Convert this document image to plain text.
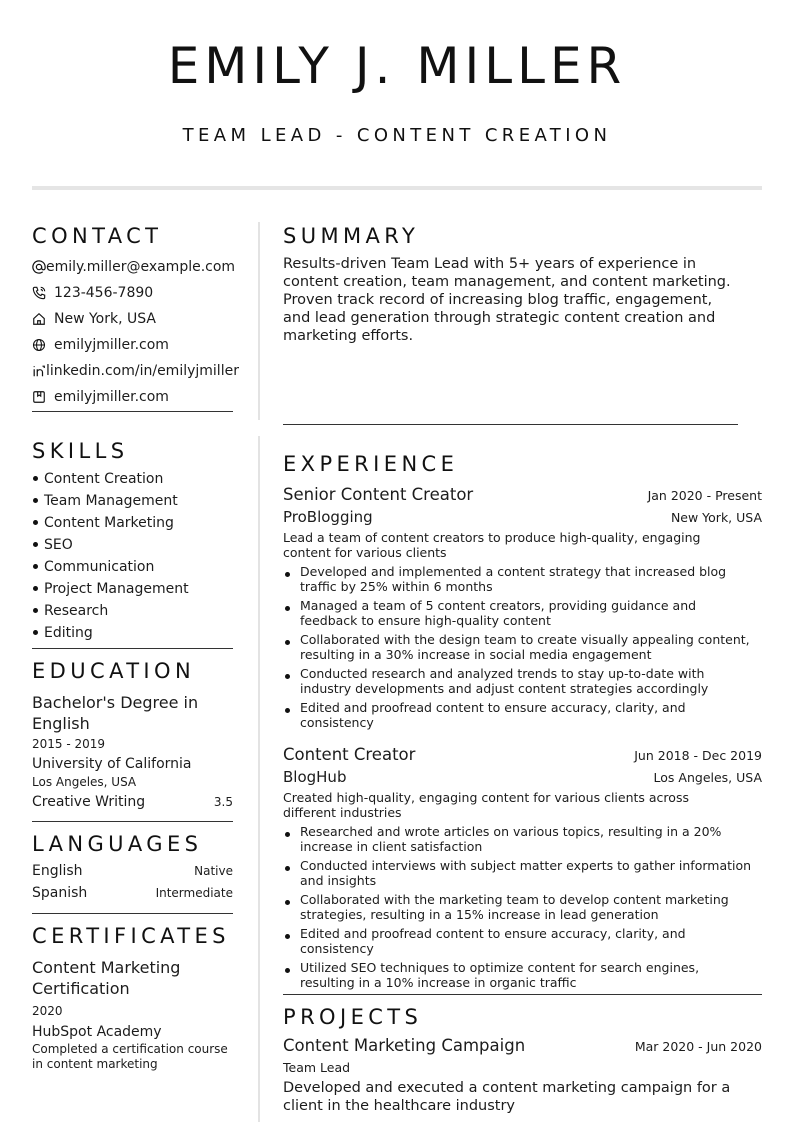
EMILY J. MILLER
TEAM LEAD - CONTENT CREATION
CONTACT
emily.miller@example.com
123-456-7890
New York, USA
emilyjmiller.com
linkedin.com/in/emilyjmiller
emilyjmiller.com
SKILLS
Content Creation
Team Management
Content Marketing
SEO
Communication
Project Management
Research
Editing
EDUCATION
Bachelor's Degree in English
2015 - 2019
University of California
Los Angeles, USA
Creative Writing	3.5
LANGUAGES
English	Native
Spanish	Intermediate
CERTIFICATES
Content Marketing Certification
2020
HubSpot Academy
Completed a certification course in content marketing
SUMMARY

Results-driven Team Lead with 5+ years of experience in content creation, team management, and content marketing. Proven track record of increasing blog traffic, engagement, and lead generation through strategic content creation and marketing efforts.

EXPERIENCE
Senior Content Creator	Jan 2020 - Present
ProBlogging	New York, USA

Lead a team of content creators to produce high-quality, engaging content for various clients

Developed and implemented a content strategy that increased blog traffic by 25% within 6 months
Managed a team of 5 content creators, providing guidance and feedback to ensure high-quality content
Collaborated with the design team to create visually appealing content, resulting in a 30% increase in social media engagement
Conducted research and analyzed trends to stay up-to-date with industry developments and adjust content strategies accordingly
Edited and proofread content to ensure accuracy, clarity, and consistency
Content Creator	Jun 2018 - Dec 2019
BlogHub	Los Angeles, USA

Created high-quality, engaging content for various clients across different industries

Researched and wrote articles on various topics, resulting in a 20% increase in client satisfaction
Conducted interviews with subject matter experts to gather information and insights
Collaborated with the marketing team to develop content marketing strategies, resulting in a 15% increase in lead generation
Edited and proofread content to ensure accuracy, clarity, and consistency
Utilized SEO techniques to optimize content for search engines, resulting in a 10% increase in organic traffic
PROJECTS
Content Marketing Campaign	Mar 2020 - Jun 2020
Team Lead

Developed and executed a content marketing campaign for a client in the healthcare industry
